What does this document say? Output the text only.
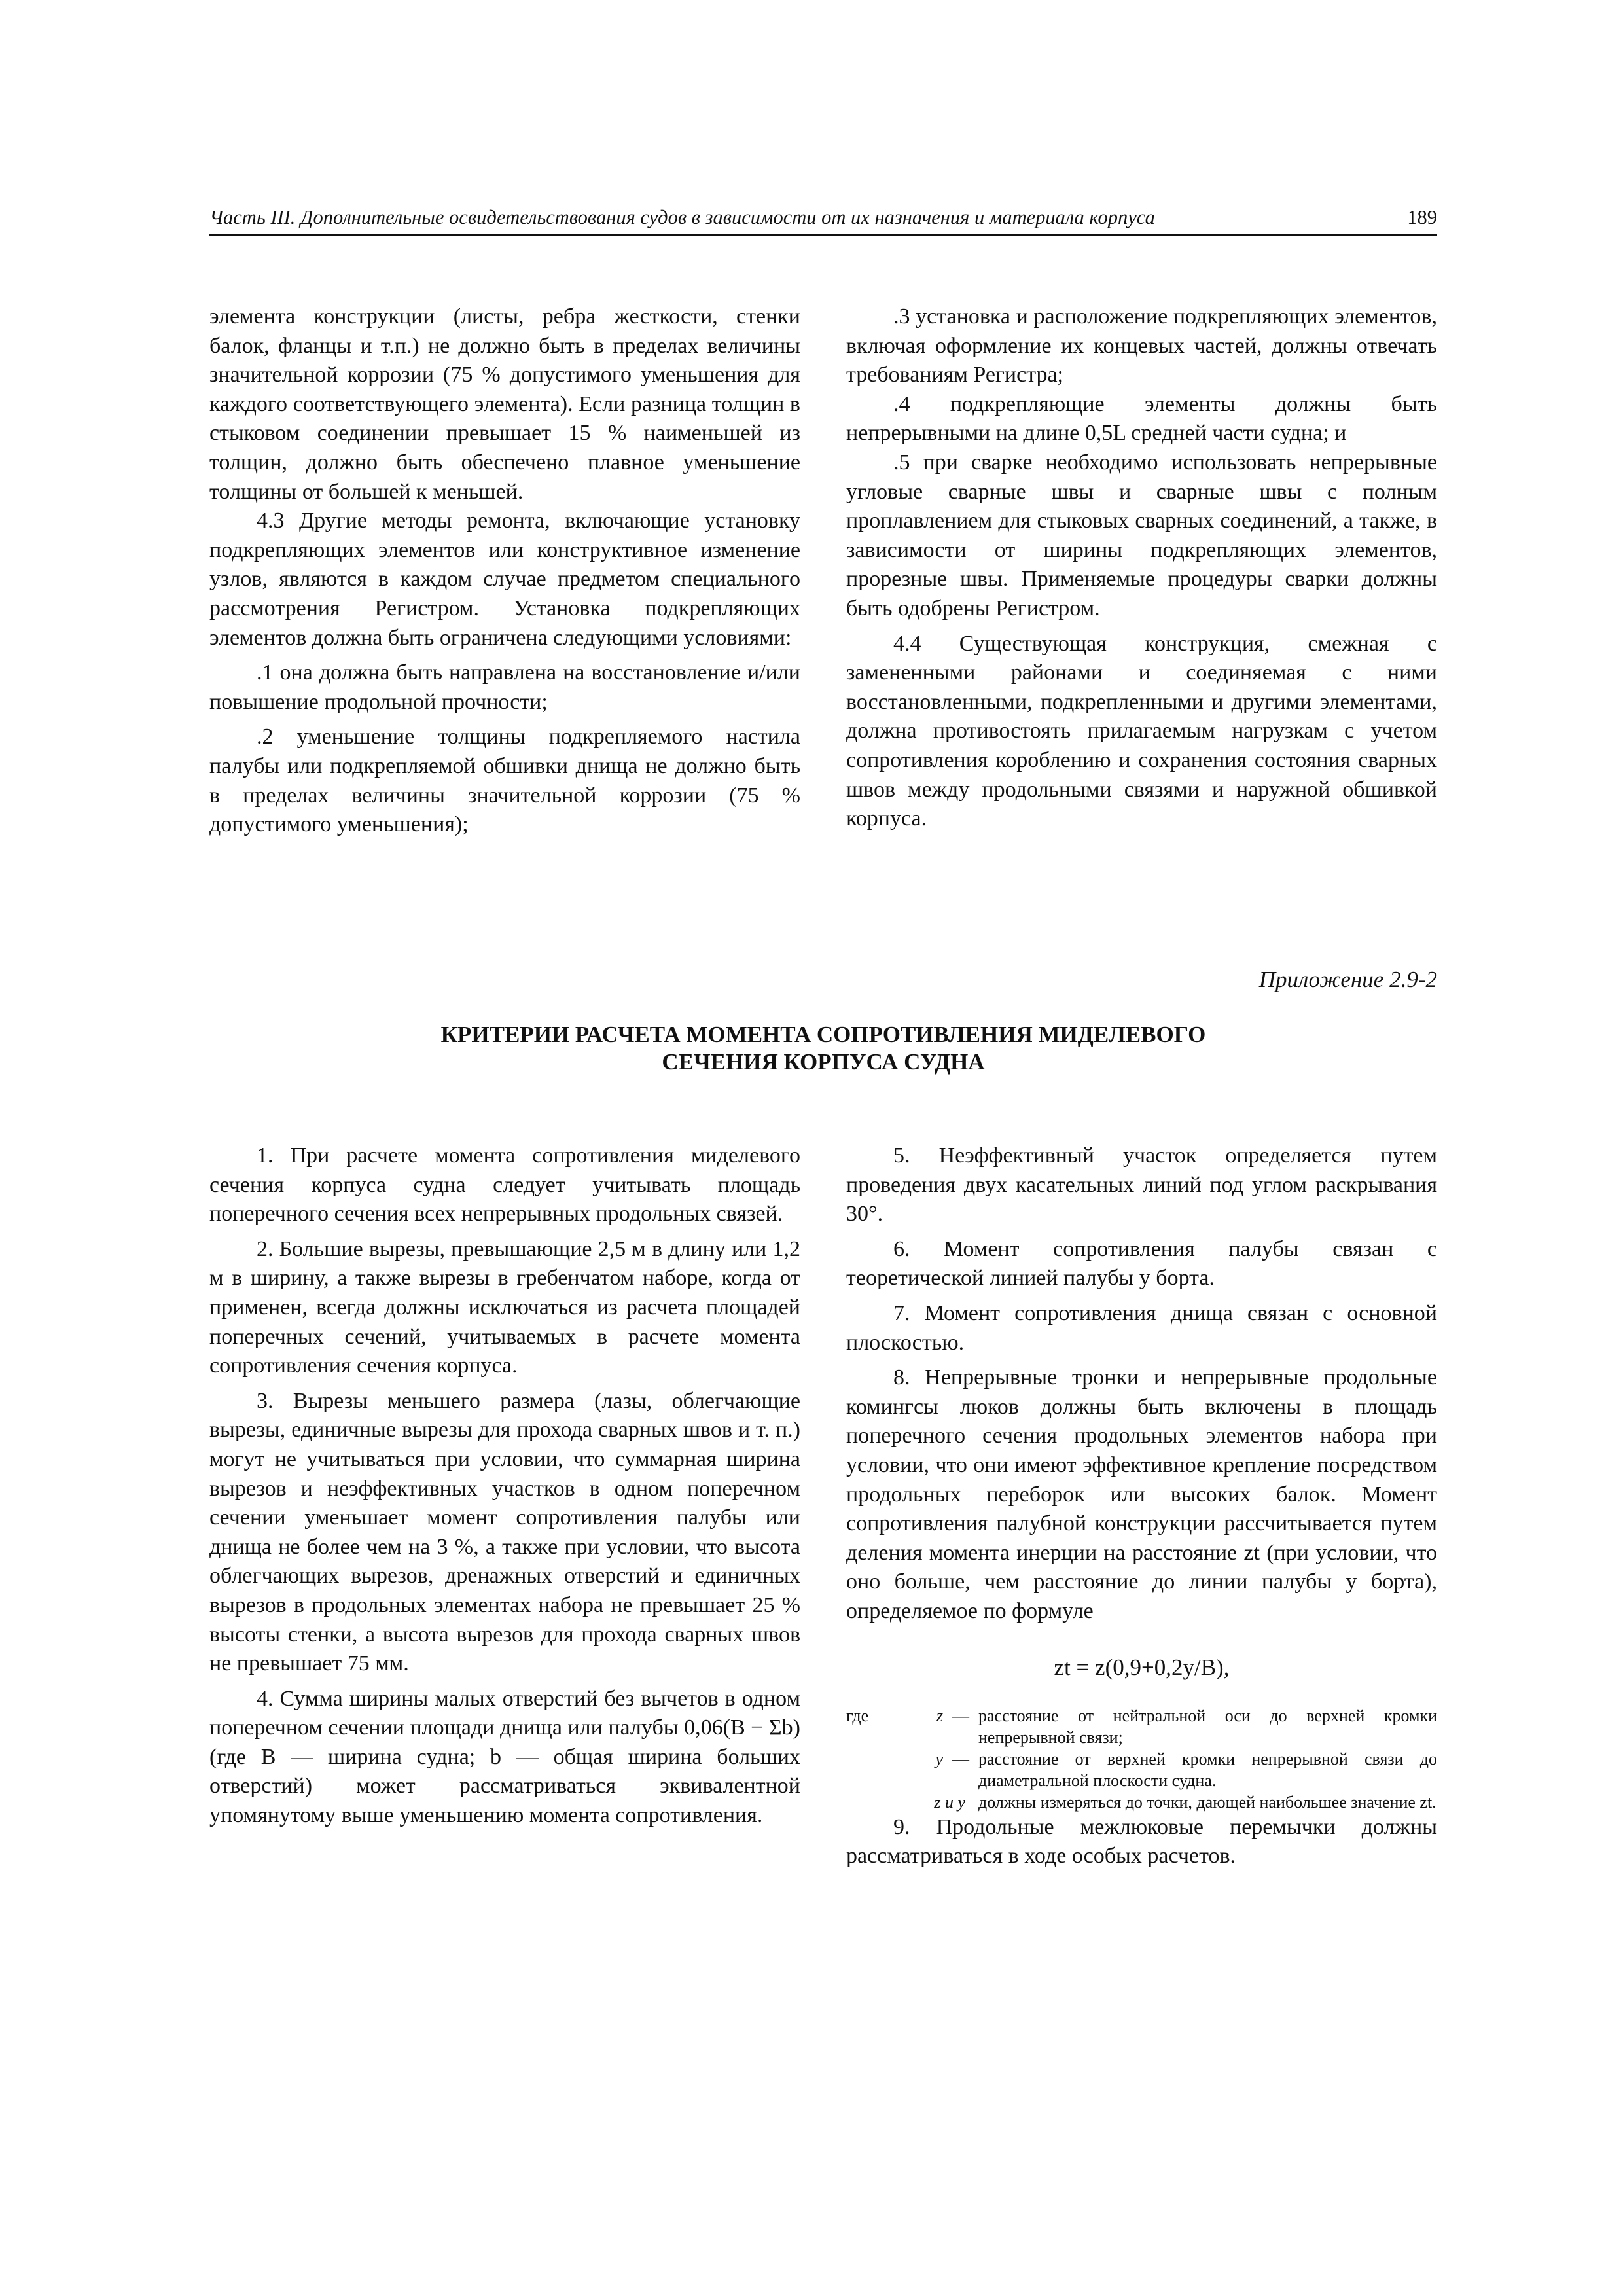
Часть III. Дополнительные освидетельствования судов в зависимости от их назначения и материала корпуса	189

элемента конструкции (листы, ребра жесткости, стенки балок, фланцы и т.п.) не должно быть в пределах величины значительной коррозии (75 % допустимого уменьшения для каждого соответствующего элемента). Если разница толщин в стыковом соединении превышает 15 % наименьшей из толщин, должно быть обеспечено плавное уменьшение толщины от большей к меньшей.

4.3 Другие методы ремонта, включающие установку подкрепляющих элементов или конструктивное изменение узлов, являются в каждом случае предметом специального рассмотрения Регистром. Установка подкрепляющих элементов должна быть ограничена следующими условиями:

.1 она должна быть направлена на восстановление и/или повышение продольной прочности;

.2 уменьшение толщины подкрепляемого настила палубы или подкрепляемой обшивки днища не должно быть в пределах величины значительной коррозии (75 % допустимого уменьшения);

.3 установка и расположение подкрепляющих элементов, включая оформление их концевых частей, должны отвечать требованиям Регистра;

.4 подкрепляющие элементы должны быть непрерывными на длине 0,5L средней части судна; и

.5 при сварке необходимо использовать непрерывные угловые сварные швы и сварные швы с полным проплавлением для стыковых сварных соединений, а также, в зависимости от ширины подкрепляющих элементов, прорезные швы. Применяемые процедуры сварки должны быть одобрены Регистром.

4.4 Существующая конструкция, смежная с замененными районами и соединяемая с ними восстановленными, подкрепленными и другими элементами, должна противостоять прилагаемым нагрузкам с учетом сопротивления короблению и сохранения состояния сварных швов между продольными связями и наружной обшивкой корпуса.

Приложение 2.9-2
КРИТЕРИИ РАСЧЕТА МОМЕНТА СОПРОТИВЛЕНИЯ МИДЕЛЕВОГО
СЕЧЕНИЯ КОРПУСА СУДНА

1. При расчете момента сопротивления миделевого сечения корпуса судна следует учитывать площадь поперечного сечения всех непрерывных продольных связей.

2. Большие вырезы, превышающие 2,5 м в длину или 1,2 м в ширину, а также вырезы в гребенчатом наборе, когда от применен, всегда должны исключаться из расчета площадей поперечных сечений, учитываемых в расчете момента сопротивления сечения корпуса.

3. Вырезы меньшего размера (лазы, облегчающие вырезы, единичные вырезы для прохода сварных швов и т. п.) могут не учитываться при условии, что суммарная ширина вырезов и неэффективных участков в одном поперечном сечении уменьшает момент сопротивления палубы или днища не более чем на 3 %, а также при условии, что высота облегчающих вырезов, дренажных отверстий и единичных вырезов в продольных элементах набора не превышает 25 % высоты стенки, а высота вырезов для прохода сварных швов не превышает 75 мм.

4. Сумма ширины малых отверстий без вычетов в одном поперечном сечении площади днища или палубы 0,06(B − Σb) (где B — ширина судна; b — общая ширина больших отверстий) может рассматриваться эквивалентной упомянутому выше уменьшению момента сопротивления.

5. Неэффективный участок определяется путем проведения двух касательных линий под углом раскрывания 30°.

6. Момент сопротивления палубы связан с теоретической линией палубы у борта.

7. Момент сопротивления днища связан с основной плоскостью.

8. Непрерывные тронки и непрерывные продольные комингсы люков должны быть включены в площадь поперечного сечения продольных элементов набора при условии, что они имеют эффективное крепление посредством продольных переборок или высоких балок. Момент сопротивления палубной конструкции рассчитывается путем деления момента инерции на расстояние zt (при условии, что оно больше, чем расстояние до линии палубы у борта), определяемое по формуле

zt = z(0,9+0,2y/B),
где	z — расстояние от нейтральной оси до верхней кромки непрерывной связи;
y — расстояние от верхней кромки непрерывной связи до диаметральной плоскости судна.
z и y должны измеряться до точки, дающей наибольшее значение zt.

9. Продольные межлюковые перемычки должны рассматриваться в ходе особых расчетов.
